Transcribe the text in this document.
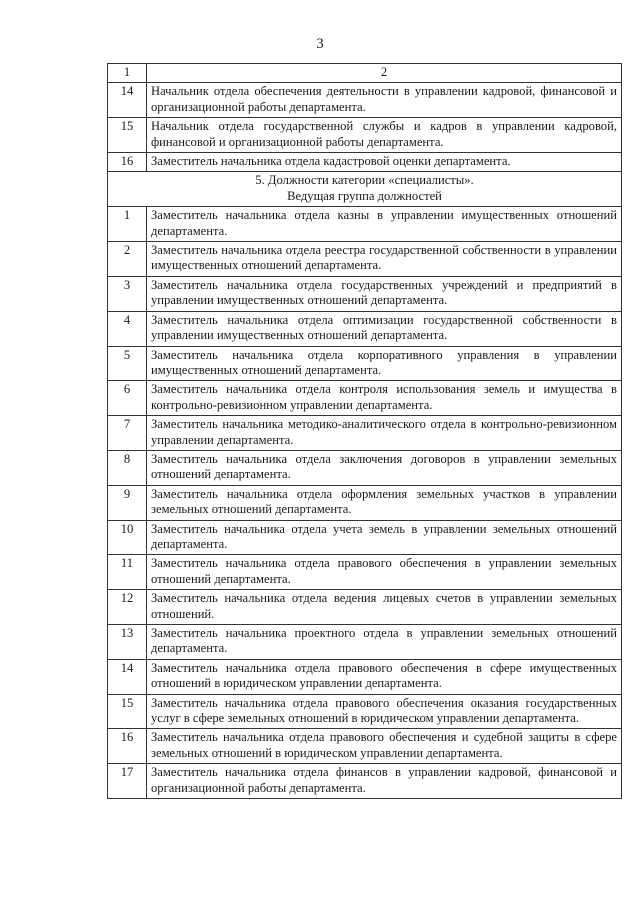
3
1	2
14	Начальник отдела обеспечения деятельности в управлении кадровой, финансовой и организационной работы департамента.
15	Начальник отдела государственной службы и кадров в управлении кадровой, финансовой и организационной работы департамента.
16	Заместитель начальника отдела кадастровой оценки департамента.

5. Должности категории «специалисты».
Ведущая группа должностей	

1	Заместитель начальника отдела казны в управлении имущественных отношений департамента.
2	Заместитель начальника отдела реестра государственной собственности в управлении имущественных отношений департамента.
3	Заместитель начальника отдела государственных учреждений и предприятий в управлении имущественных отношений департамента.
4	Заместитель начальника отдела оптимизации государственной собственности в управлении имущественных отношений департамента.
5	Заместитель начальника отдела корпоративного управления в управлении имущественных отношений департамента.
6	Заместитель начальника отдела контроля использования земель и имущества в контрольно-ревизионном управлении департамента.
7	Заместитель начальника методико-аналитического отдела в контрольно-ревизионном управлении департамента.
8	Заместитель начальника отдела заключения договоров в управлении земельных отношений департамента.
9	Заместитель начальника отдела оформления земельных участков в управлении земельных отношений департамента.
10	Заместитель начальника отдела учета земель в управлении земельных отношений департамента.
11	Заместитель начальника отдела правового обеспечения в управлении земельных отношений департамента.
12	Заместитель начальника отдела ведения лицевых счетов в управлении земельных отношений.
13	Заместитель начальника проектного отдела в управлении земельных отношений департамента.
14	Заместитель начальника отдела правового обеспечения в сфере имущественных отношений в юридическом управлении департамента.
15	Заместитель начальника отдела правового обеспечения оказания государственных услуг в сфере земельных отношений в юридическом управлении департамента.
16	Заместитель начальника отдела правового обеспечения и судебной защиты в сфере земельных отношений в юридическом управлении департамента.
17	Заместитель начальника отдела финансов в управлении кадровой, финансовой и организационной работы департамента.
